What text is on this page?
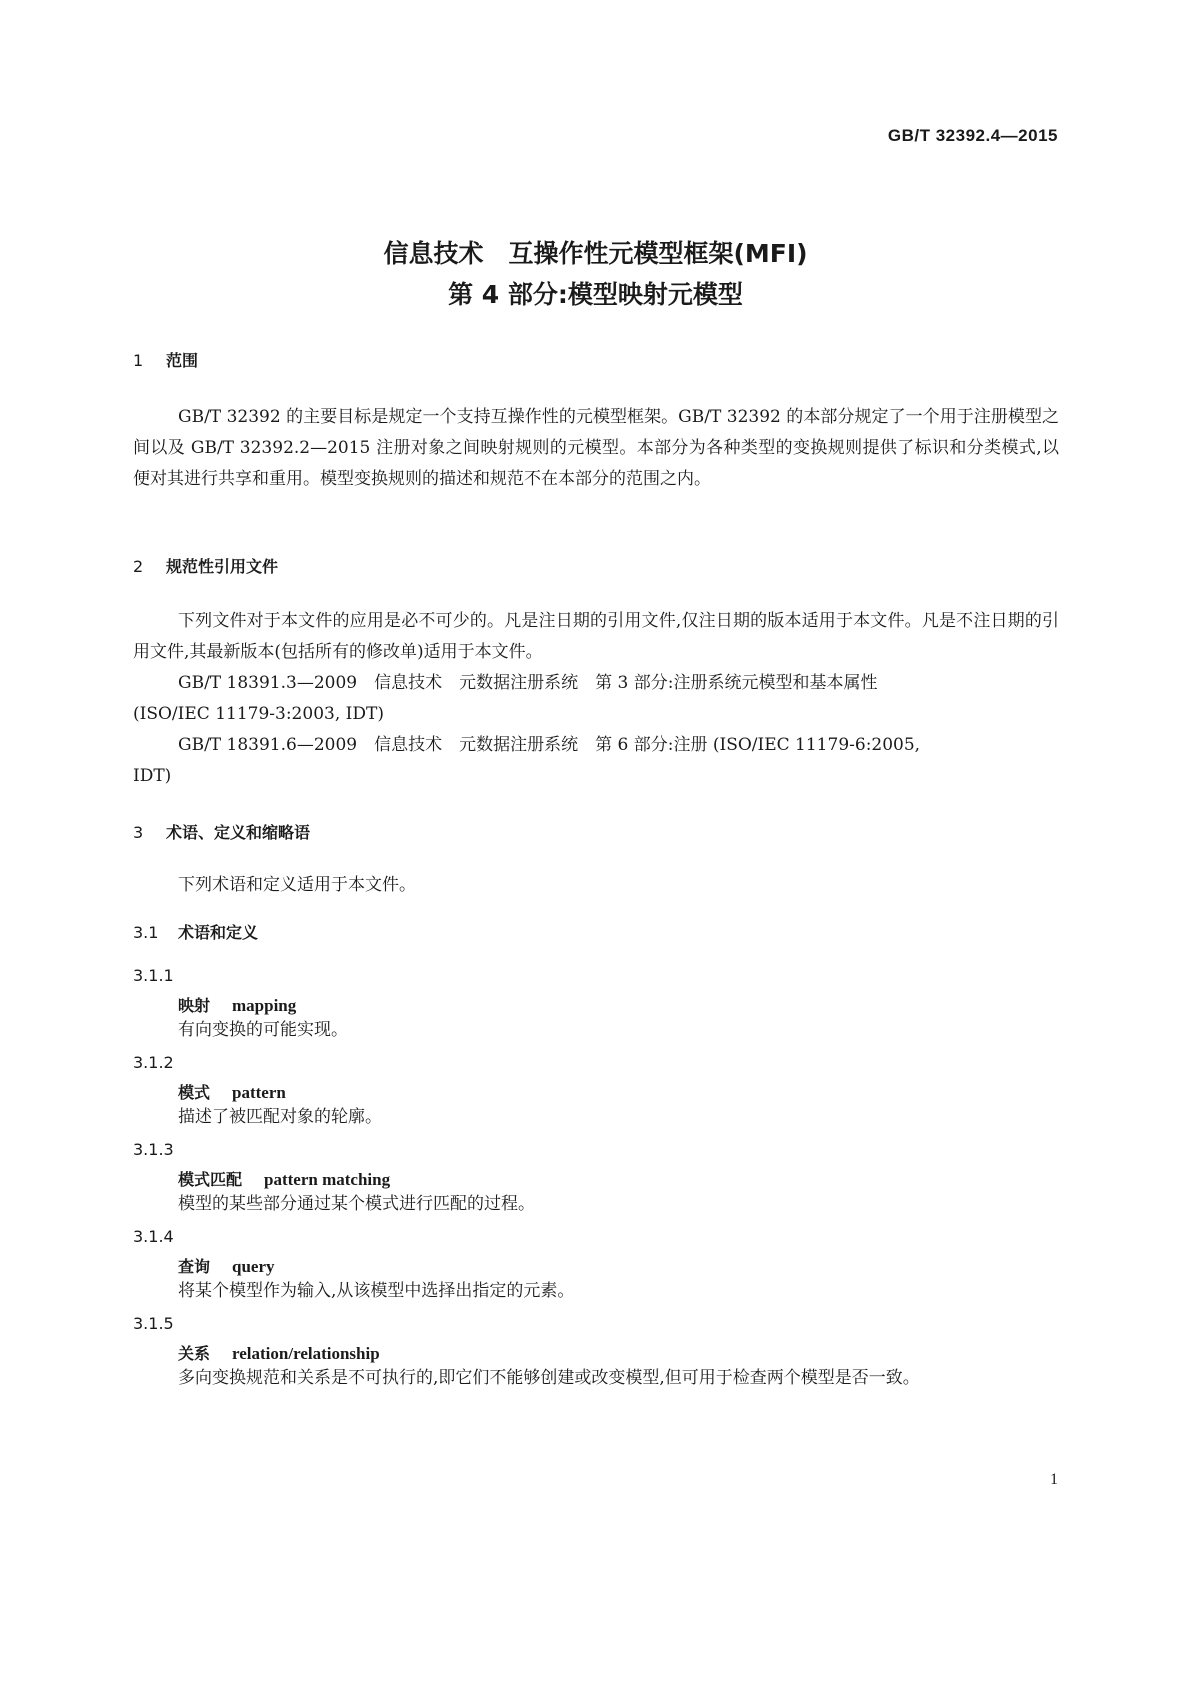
GB/T 32392.4—2015
信息技术　互操作性元模型框架(MFI)
第 4 部分:模型映射元模型
1 范围

GB/T 32392 的主要目标是规定一个支持互操作性的元模型框架。GB/T 32392 的本部分规定了一个用于注册模型之间以及 GB/T 32392.2—2015 注册对象之间映射规则的元模型。本部分为各种类型的变换规则提供了标识和分类模式,以便对其进行共享和重用。模型变换规则的描述和规范不在本部分的范围之内。

2 规范性引用文件

下列文件对于本文件的应用是必不可少的。凡是注日期的引用文件,仅注日期的版本适用于本文件。凡是不注日期的引用文件,其最新版本(包括所有的修改单)适用于本文件。

GB/T 18391.3—2009　信息技术　元数据注册系统　第 3 部分:注册系统元模型和基本属性

(ISO/IEC 11179-3:2003, IDT)

GB/T 18391.6—2009　信息技术　元数据注册系统　第 6 部分:注册 (ISO/IEC 11179-6:2005,

IDT)

3 术语、定义和缩略语

下列术语和定义适用于本文件。

3.1 术语和定义
3.1.1
映射 mapping
有向变换的可能实现。
3.1.2
模式 pattern
描述了被匹配对象的轮廓。
3.1.3
模式匹配 pattern matching
模型的某些部分通过某个模式进行匹配的过程。
3.1.4
查询 query
将某个模型作为输入,从该模型中选择出指定的元素。
3.1.5
关系 relation/relationship
多向变换规范和关系是不可执行的,即它们不能够创建或改变模型,但可用于检查两个模型是否一致。
1
